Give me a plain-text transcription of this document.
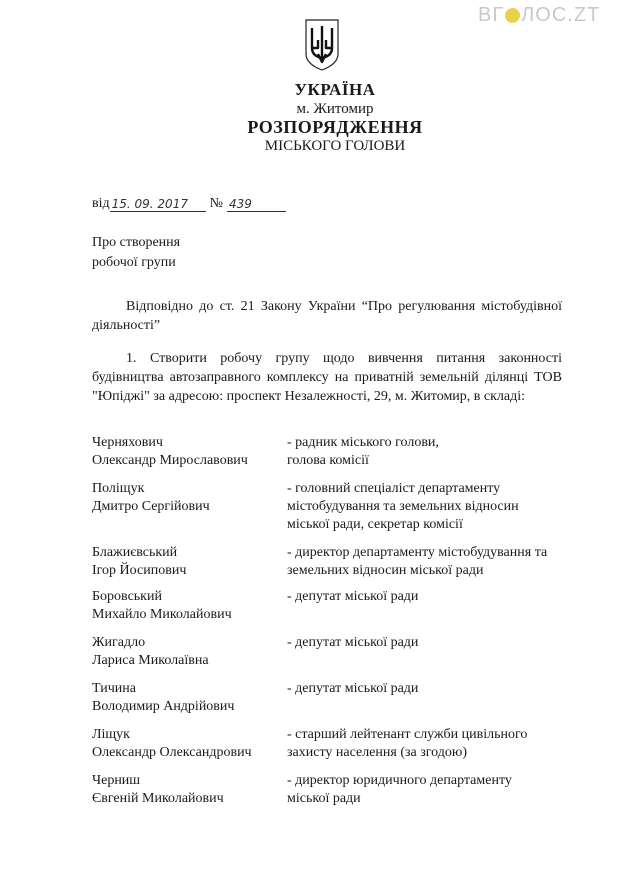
ВГ ЛОС.ZT
УКРАЇНА
м. Житомир
РОЗПОРЯДЖЕННЯ
МІСЬКОГО ГОЛОВИ
від 15. 09. 2017	№ 439
Про створення
робочої групи
Відповідно до ст. 21 Закону України “Про регулювання містобудівної діяльності”
1. Створити робочу групу щодо вивчення питання законності будівництва автозаправного комплексу на приватній земельній ділянці ТОВ "Юпіджі" за адресою: проспект Незалежності, 29, м. Житомир, в складі:
Черняхович
Олександр Мирославович
- радник міського голови,
голова комісії
Поліщук
Дмитро Сергійович
- головний спеціаліст департаменту
містобудування та земельних відносин
міської ради, секретар комісії
Блажиєвський
Ігор Йосипович
- директор департаменту містобудування та
земельних відносин міської ради
Боровський
Михайло Миколайович
- депутат міської ради
Жигадло
Лариса Миколаївна
- депутат міської ради
Тичина
Володимир Андрійович
- депутат міської ради
Ліщук
Олександр Олександрович
- старший лейтенант служби цивільного
захисту населення (за згодою)
Черниш
Євгеній Миколайович
- директор юридичного департаменту
міської ради
